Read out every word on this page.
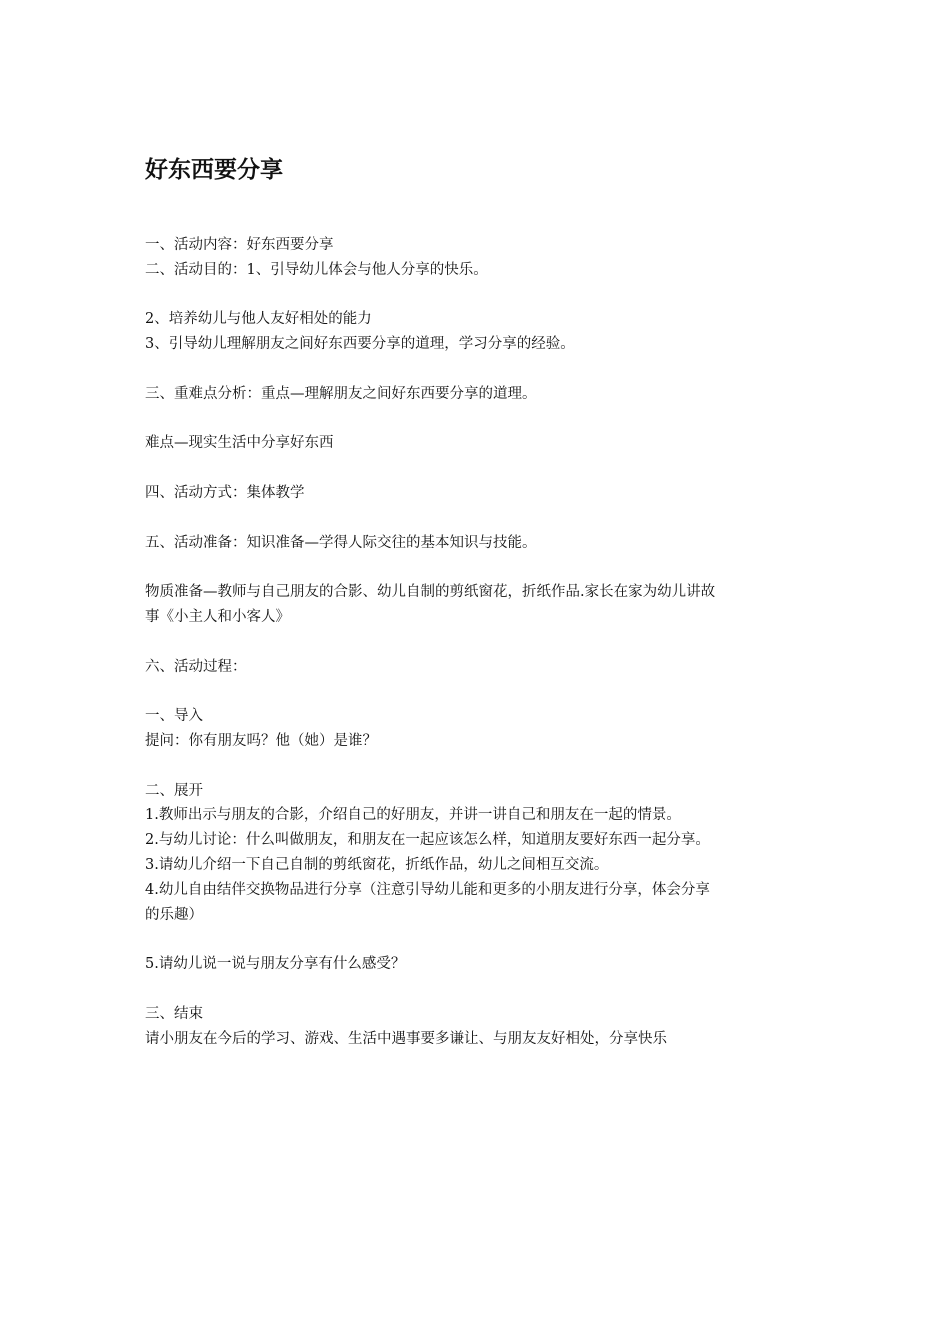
好东西要分享

一、活动内容：好东西要分享

二、活动目的：1、引导幼儿体会与他人分享的快乐。

2、培养幼儿与他人友好相处的能力

3、引导幼儿理解朋友之间好东西要分享的道理，学习分享的经验。

三、重难点分析：重点—理解朋友之间好东西要分享的道理。

难点—现实生活中分享好东西

四、活动方式：集体教学

五、活动准备：知识准备—学得人际交往的基本知识与技能。

物质准备—教师与自己朋友的合影、幼儿自制的剪纸窗花，折纸作品.家长在家为幼儿讲故

事《小主人和小客人》

六、活动过程：

一、导入

提问：你有朋友吗？他（她）是谁？

二、展开

1.教师出示与朋友的合影，介绍自己的好朋友，并讲一讲自己和朋友在一起的情景。

2.与幼儿讨论：什么叫做朋友，和朋友在一起应该怎么样，知道朋友要好东西一起分享。

3.请幼儿介绍一下自己自制的剪纸窗花，折纸作品，幼儿之间相互交流。

4.幼儿自由结伴交换物品进行分享（注意引导幼儿能和更多的小朋友进行分享，体会分享

的乐趣）

5.请幼儿说一说与朋友分享有什么感受？

三、结束

请小朋友在今后的学习、游戏、生活中遇事要多谦让、与朋友友好相处，分享快乐
